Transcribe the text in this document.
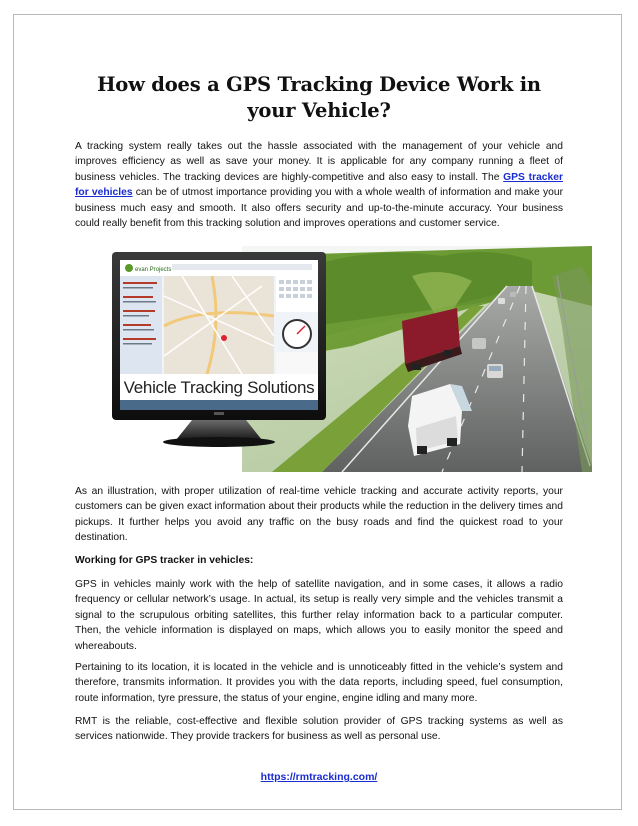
How does a GPS Tracking Device Work in your Vehicle?

A tracking system really takes out the hassle associated with the management of your vehicle and improves efficiency as well as save your money. It is applicable for any company running a fleet of business vehicles. The tracking devices are highly-competitive and also easy to install. The GPS tracker for vehicles can be of utmost importance providing you with a whole wealth of information and make your business much easy and smooth. It also offers security and up-to-the-minute accuracy. Your business could really benefit from this tracking solution and improves operations and customer service.

As an illustration, with proper utilization of real-time vehicle tracking and accurate activity reports, your customers can be given exact information about their products while the reduction in the delivery times and pickups. It further helps you avoid any traffic on the busy roads and find the quickest road to your destination.

Working for GPS tracker in vehicles:

GPS in vehicles mainly work with the help of satellite navigation, and in some cases, it allows a radio frequency or cellular network’s usage. In actual, its setup is really very simple and the vehicles transmit a signal to the scrupulous orbiting satellites, this further relay information back to a particular computer. Then, the vehicle information is displayed on maps, which allows you to easily monitor the speed and whereabouts.

Pertaining to its location, it is located in the vehicle and is unnoticeably fitted in the vehicle’s system and therefore, transmits information. It provides you with the data reports, including speed, fuel consumption, route information, tyre pressure, the status of your engine, engine idling and many more.

RMT is the reliable, cost-effective and flexible solution provider of GPS tracking systems as well as services nationwide. They provide trackers for business as well as personal use.

https://rmtracking.com/
evan Projects
Vehicle Tracking Solutions
